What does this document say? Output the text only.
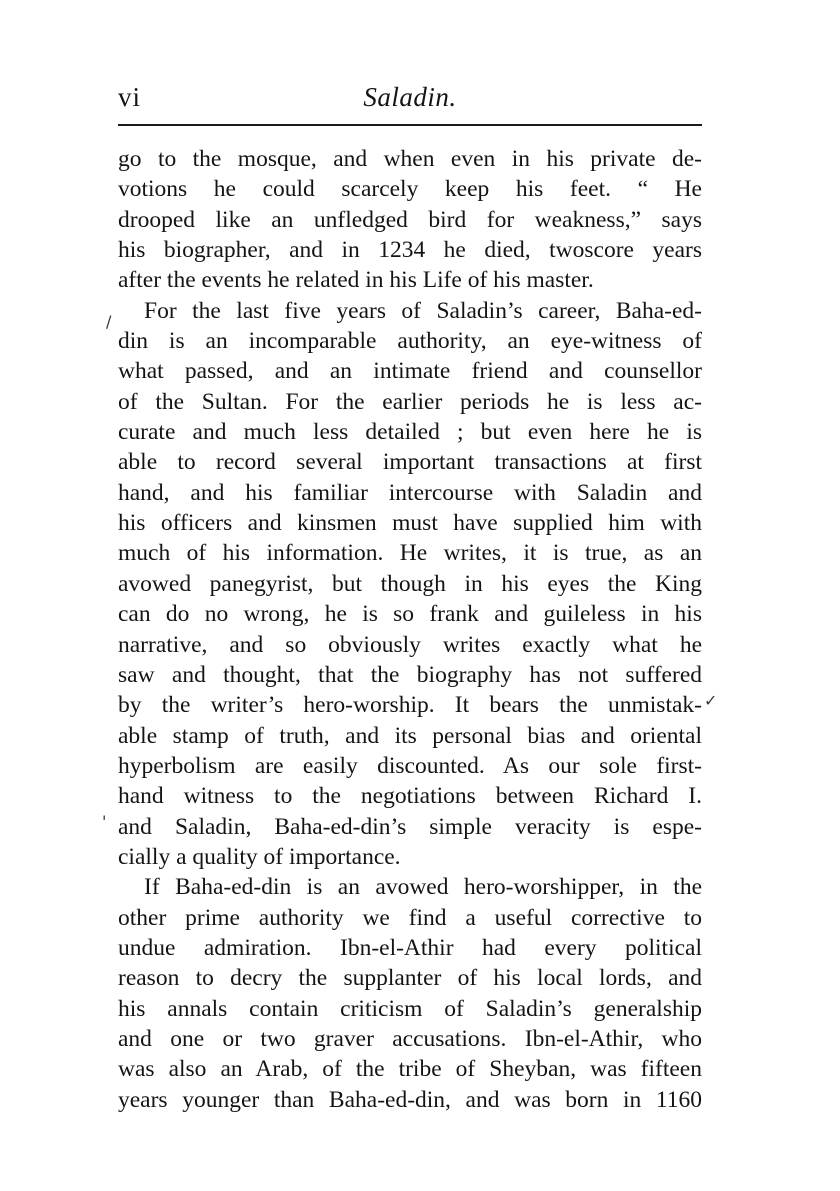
vi	Saladin.
go to the mosque, and when even in his private de-
votions he could scarcely keep his feet. “ He
drooped like an unfledged bird for weakness,” says
his biographer, and in 1234 he died, twoscore years
after the events he related in his Life of his master.
For the last five years of Saladin’s career, Baha-ed-
din is an incomparable authority, an eye-witness of
what passed, and an intimate friend and counsellor
of the Sultan. For the earlier periods he is less ac-
curate and much less detailed ; but even here he is
able to record several important transactions at first
hand, and his familiar intercourse with Saladin and
his officers and kinsmen must have supplied him with
much of his information. He writes, it is true, as an
avowed panegyrist, but though in his eyes the King
can do no wrong, he is so frank and guileless in his
narrative, and so obviously writes exactly what he
saw and thought, that the biography has not suffered
by the writer’s hero-worship. It bears the unmistak-
able stamp of truth, and its personal bias and oriental
hyperbolism are easily discounted. As our sole first-
hand witness to the negotiations between Richard I.
and Saladin, Baha-ed-din’s simple veracity is espe-
cially a quality of importance.
If Baha-ed-din is an avowed hero-worshipper, in the
other prime authority we find a useful corrective to
undue admiration. Ibn-el-Athir had every political
reason to decry the supplanter of his local lords, and
his annals contain criticism of Saladin’s generalship
and one or two graver accusations. Ibn-el-Athir, who
was also an Arab, of the tribe of Sheyban, was fifteen
years younger than Baha-ed-din, and was born in 1160
/
✓
'
